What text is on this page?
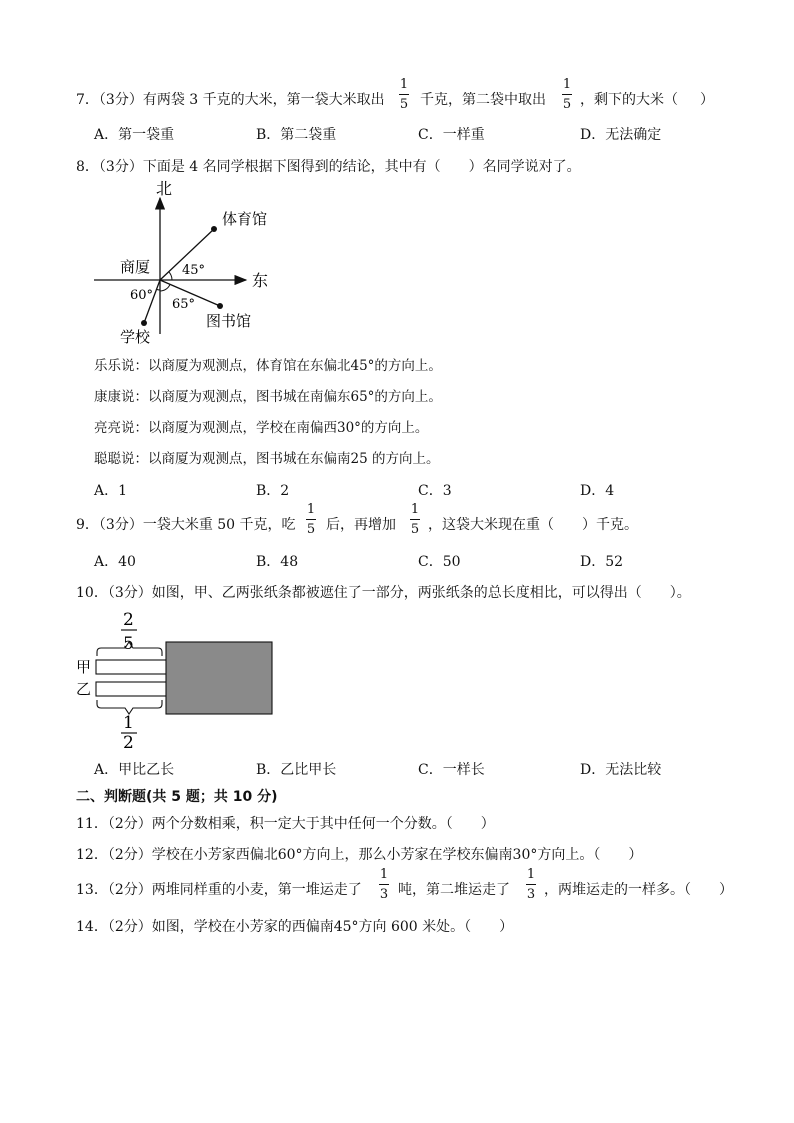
7．（3分）有两袋 3 千克的大米，第一袋大米取出
1
5 千克，第二袋中取出
1
5 ，剩下的大米（ ）
A．第一袋重	B．第二袋重	C．一样重	D．无法确定
8．（3分）下面是 4 名同学根据下图得到的结论，其中有（　　）名同学说对了。
北
东
商厦
体育馆
图书馆
学校
45°
60°
65°
乐乐说：以商厦为观测点，体育馆在东偏北45°的方向上。
康康说：以商厦为观测点，图书城在南偏东65°的方向上。
亮亮说：以商厦为观测点，学校在南偏西30°的方向上。
聪聪说：以商厦为观测点，图书城在东偏南25 的方向上。
A．1	B．2	C．3	D．4
9．（3分）一袋大米重 50 千克，吃
1
5 后，再增加
1
5 ，这袋大米现在重（　　）千克。
A．40	B．48	C．50	D．52
10．（3分）如图，甲、乙两张纸条都被遮住了一部分，两张纸条的总长度相比，可以得出（　　）。
2
5
甲
乙
1
2
A．甲比乙长	B．乙比甲长	C．一样长	D．无法比较
二、判断题(共 5 题；共 10 分)
11．（2分）两个分数相乘，积一定大于其中任何一个分数。（　　）
12．（2分）学校在小芳家西偏北60°方向上，那么小芳家在学校东偏南30°方向上。（　　）
13．（2分）两堆同样重的小麦，第一堆运走了
1
3 吨，第二堆运走了
1
3 ，两堆运走的一样多。（　　）
14．（2分）如图，学校在小芳家的西偏南45°方向 600 米处。（　　）
